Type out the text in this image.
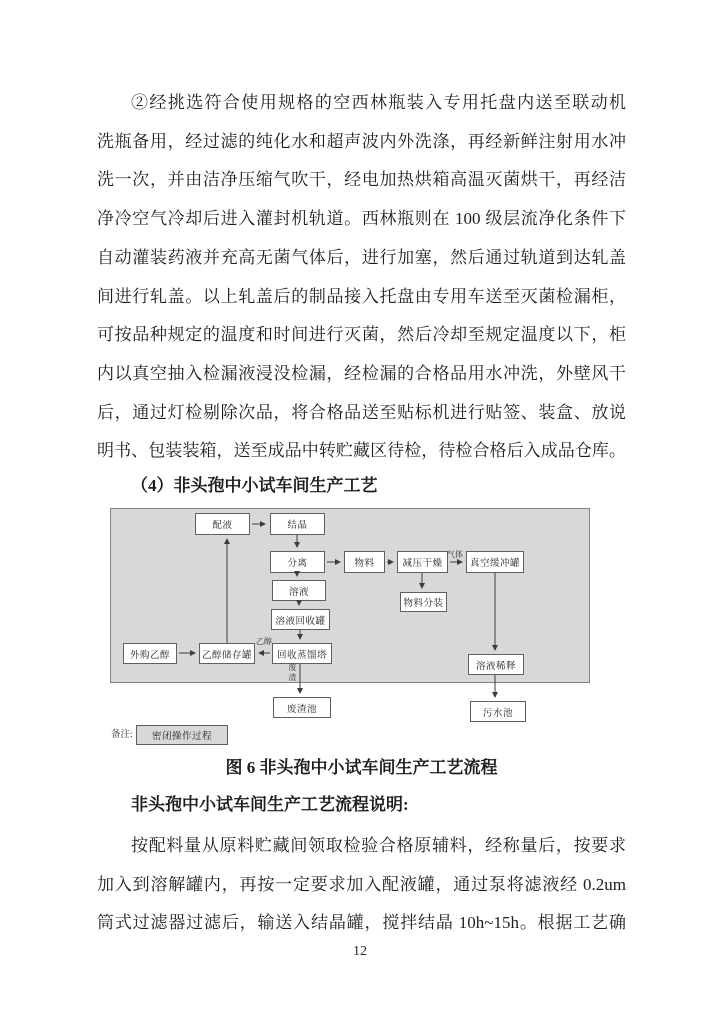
②经挑选符合使用规格的空西林瓶装入专用托盘内送至联动机
洗瓶备用，经过滤的纯化水和超声波内外洗涤，再经新鲜注射用水冲
洗一次，并由洁净压缩气吹干，经电加热烘箱高温灭菌烘干，再经洁
净冷空气冷却后进入灌封机轨道。西林瓶则在 100 级层流净化条件下
自动灌装药液并充高无菌气体后，进行加塞，然后通过轨道到达轧盖
间进行轧盖。以上轧盖后的制品接入托盘由专用车送至灭菌检漏柜，
可按品种规定的温度和时间进行灭菌，然后冷却至规定温度以下，柜
内以真空抽入检漏液浸没检漏，经检漏的合格品用水冲洗，外壁风干
后，通过灯检剔除次品，将合格品送至贴标机进行贴签、装盒、放说
明书、包装装箱，送至成品中转贮藏区待检，待检合格后入成品仓库。
（4）非头孢中小试车间生产工艺
配液	结晶
分离	物料	减压干燥	真空缓冲罐
溶液
物料分装
溶液回收罐
回收蒸馏塔
乙醇储存罐
外购乙醇
溶液稀释
废渣池	污水池
气体
乙醇
废
渣
备注:	密闭操作过程
图 6 非头孢中小试车间生产工艺流程
非头孢中小试车间生产工艺流程说明:
按配料量从原料贮藏间领取检验合格原辅料，经称量后，按要求
加入到溶解罐内，再按一定要求加入配液罐，通过泵将滤液经 0.2um
筒式过滤器过滤后，输送入结晶罐，搅拌结晶 10h~15h。根据工艺确
12
